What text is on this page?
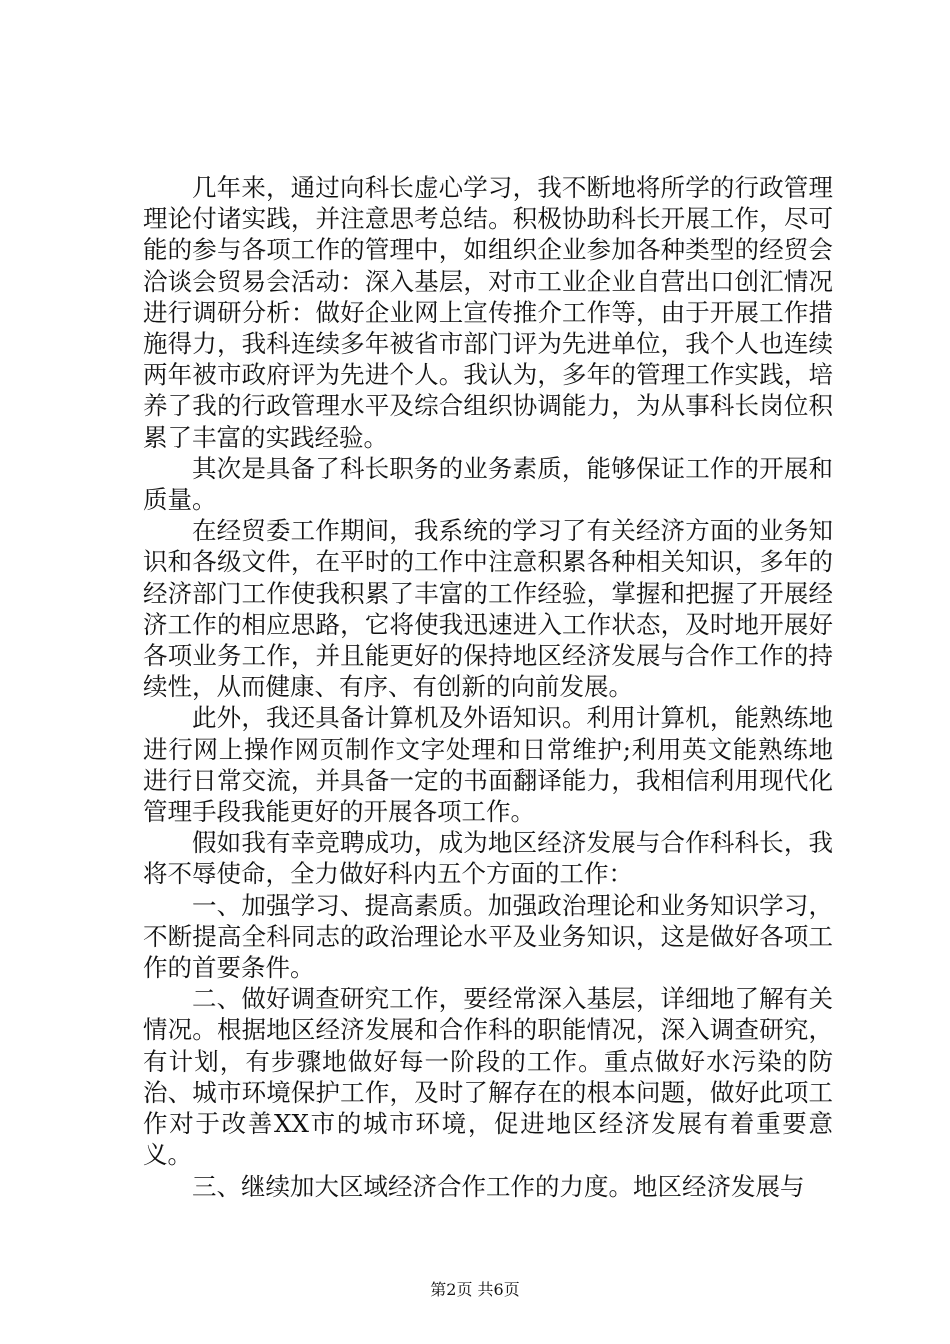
几年来，通过向科长虚心学习，我不断地将所学的行政管理理论付诸实践，并注意思考总结。积极协助科长开展工作，尽可能的参与各项工作的管理中，如组织企业参加各种类型的经贸会洽谈会贸易会活动：深入基层，对市工业企业自营出口创汇情况进行调研分析：做好企业网上宣传推介工作等，由于开展工作措施得力，我科连续多年被省市部门评为先进单位，我个人也连续两年被市政府评为先进个人。我认为，多年的管理工作实践，培养了我的行政管理水平及综合组织协调能力，为从事科长岗位积累了丰富的实践经验。

其次是具备了科长职务的业务素质，能够保证工作的开展和质量。

在经贸委工作期间，我系统的学习了有关经济方面的业务知识和各级文件，在平时的工作中注意积累各种相关知识，多年的经济部门工作使我积累了丰富的工作经验，掌握和把握了开展经济工作的相应思路，它将使我迅速进入工作状态，及时地开展好各项业务工作，并且能更好的保持地区经济发展与合作工作的持续性，从而健康、有序、有创新的向前发展。

此外，我还具备计算机及外语知识。利用计算机，能熟练地进行网上操作网页制作文字处理和日常维护;利用英文能熟练地进行日常交流，并具备一定的书面翻译能力，我相信利用现代化管理手段我能更好的开展各项工作。

假如我有幸竞聘成功，成为地区经济发展与合作科科长，我将不辱使命，全力做好科内五个方面的工作：

一、加强学习、提高素质。加强政治理论和业务知识学习，不断提高全科同志的政治理论水平及业务知识，这是做好各项工作的首要条件。

二、做好调查研究工作，要经常深入基层，详细地了解有关情况。根据地区经济发展和合作科的职能情况，深入调查研究，有计划，有步骤地做好每一阶段的工作。重点做好水污染的防治、城市环境保护工作，及时了解存在的根本问题，做好此项工作对于改善XX市的城市环境，促进地区经济发展有着重要意义。

三、继续加大区域经济合作工作的力度。地区经济发展与

第2页 共6页
